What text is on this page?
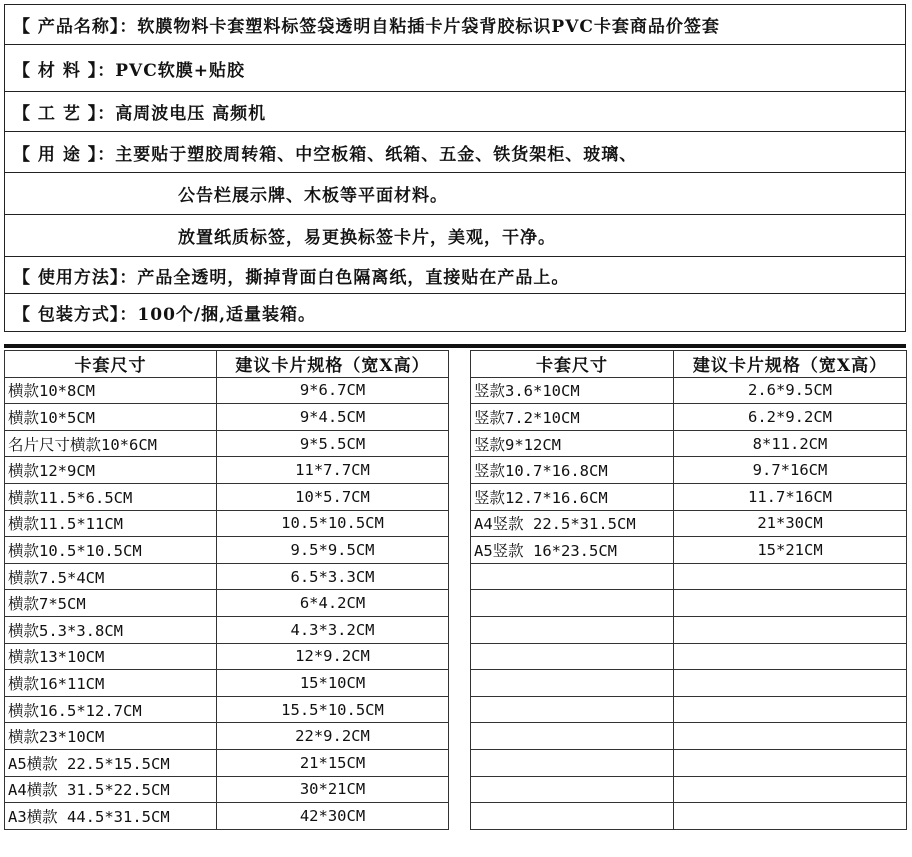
【 产品名称】： 软膜物料卡套塑料标签袋透明自粘插卡片袋背胶标识PVC卡套商品价签套
【 材 料 】： PVC软膜+贴胶
【 工 艺 】： 高周波电压 高频机
【 用 途 】： 主要贴于塑胶周转箱、中空板箱、纸箱、五金、铁货架柜、玻璃、
公告栏展示牌、木板等平面材料。
放置纸质标签，易更换标签卡片，美观，干净。
【 使用方法】： 产品全透明，撕掉背面白色隔离纸，直接贴在产品上。
【 包装方式】： 100个/捆,适量装箱。
卡套尺寸	建议卡片规格（宽X高）
横款10*8CM	9*6.7CM
横款10*5CM	9*4.5CM
名片尺寸横款10*6CM	9*5.5CM
横款12*9CM	11*7.7CM
横款11.5*6.5CM	10*5.7CM
横款11.5*11CM	10.5*10.5CM
横款10.5*10.5CM	9.5*9.5CM
横款7.5*4CM	6.5*3.3CM
横款7*5CM	6*4.2CM
横款5.3*3.8CM	4.3*3.2CM
横款13*10CM	12*9.2CM
横款16*11CM	15*10CM
横款16.5*12.7CM	15.5*10.5CM
横款23*10CM	22*9.2CM
A5横款 22.5*15.5CM	21*15CM
A4横款 31.5*22.5CM	30*21CM
A3横款 44.5*31.5CM	42*30CM
卡套尺寸	建议卡片规格（宽X高）
竖款3.6*10CM	2.6*9.5CM
竖款7.2*10CM	6.2*9.2CM
竖款9*12CM	8*11.2CM
竖款10.7*16.8CM	9.7*16CM
竖款12.7*16.6CM	11.7*16CM
A4竖款 22.5*31.5CM	21*30CM
A5竖款 16*23.5CM	15*21CM
